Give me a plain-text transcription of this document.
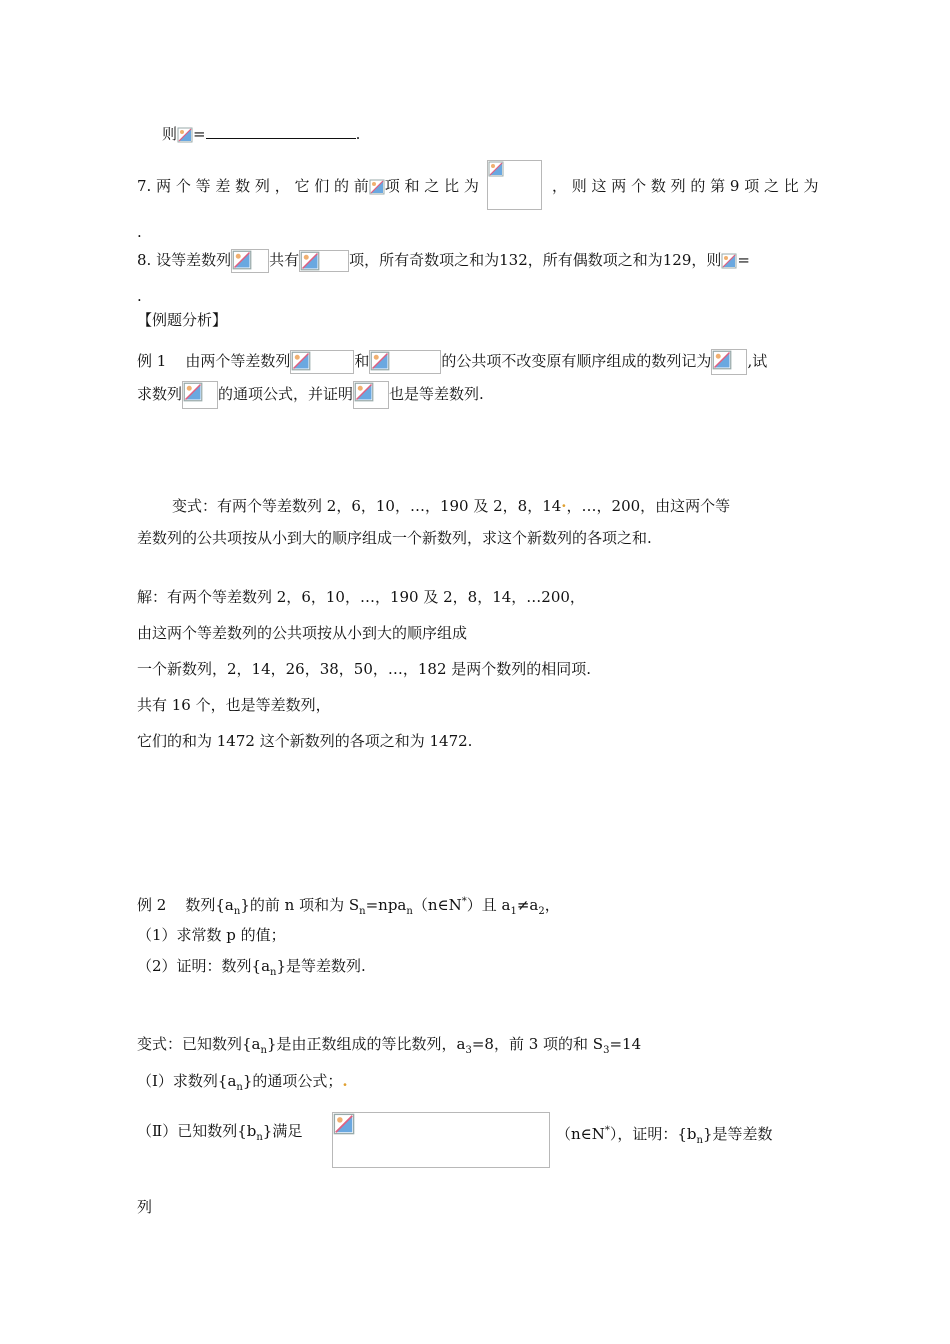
则 =	.
7. 两 个 等 差 数 列 ， 它 们 的 前 项 和 之 比 为	， 则 这 两 个 数 列 的 第 9 项 之 比 为
.
8. 设等差数列	共有	项，所有奇数项之和为132，所有偶数项之和为129，则 =
.
【例题分析】
例 1 由两个等差数列	和	的公共项不改变原有顺序组成的数列记为 ,试
求数列 的通项公式，并证明 也是等差数列.
变式：有两个等差数列 2，6，10，…，190 及 2，8，14·，…，200，由这两个等
差数列的公共项按从小到大的顺序组成一个新数列，求这个新数列的各项之和.
解：有两个等差数列 2，6，10，…，190 及 2，8，14，…200，
由这两个等差数列的公共项按从小到大的顺序组成
一个新数列，2，14，26，38，50，…，182 是两个数列的相同项.
共有 16 个，也是等差数列，
它们的和为 1472 这个新数列的各项之和为 1472.
例 2 数列$\{a_n\}$的前 n 项和为 $S_n=npa_n(n\in N^*)$且 $a_1\ne a_2$，
（1）求常数 p 的值；
（2）证明：数列$\{a_n\}$是等差数列.
变式：已知数列$\{a_n\}$是由正数组成的等比数列，$a_3=8$，前 3 项的和 $S_3=14$
（Ⅰ）求数列$\{a_n\}$的通项公式；.
（Ⅱ）已知数列$\{b_n\}$满足	（n∈N*），证明：$\{b_n\}$是等差数
列
